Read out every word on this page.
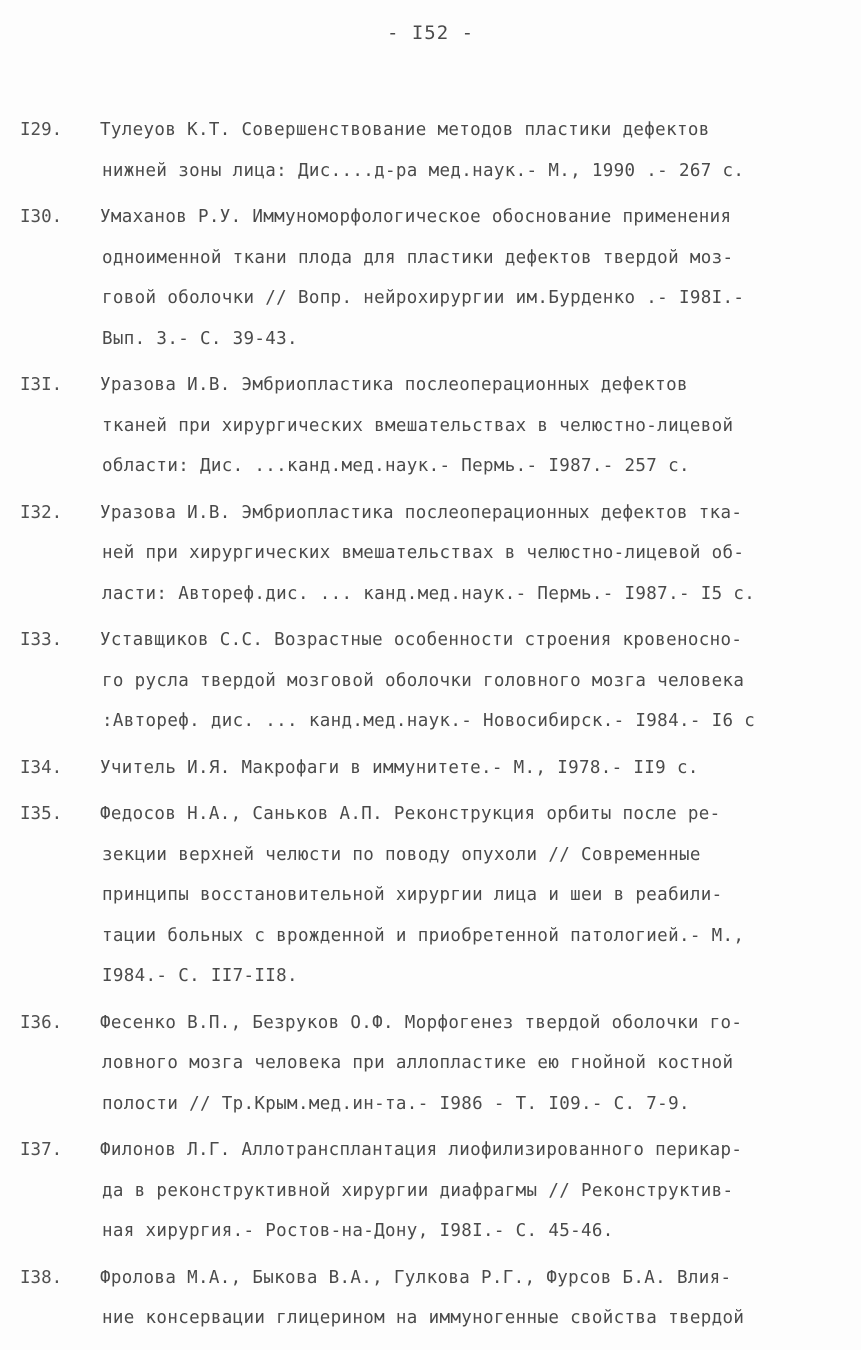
- I52 -
I29.	Тулеуов К.Т. Совершенствование методов пластики дефектов
нижней зоны лица: Дис....д-ра мед.наук.- М., 1990 .- 267 с.
I30.	Умаханов Р.У. Иммуноморфологическое обоснование применения
одноименной ткани плода для пластики дефектов твердой моз-
говой оболочки // Вопр. нейрохирургии им.Бурденко .- I98I.-
Вып. 3.- С. 39-43.
I3I.	Уразова И.В. Эмбриопластика послеоперационных дефектов
тканей при хирургических вмешательствах в челюстно-лицевой
области: Дис. ...канд.мед.наук.- Пермь.- I987.- 257 с.
I32.	Уразова И.В. Эмбриопластика послеоперационных дефектов тка-
ней при хирургических вмешательствах в челюстно-лицевой об-
ласти: Автореф.дис. ... канд.мед.наук.- Пермь.- I987.- I5 с.
I33.	Уставщиков С.С. Возрастные особенности строения кровеносно-
го русла твердой мозговой оболочки головного мозга человека
:Автореф. дис. ... канд.мед.наук.- Новосибирск.- I984.- I6 с
I34.	Учитель И.Я. Макрофаги в иммунитете.- М., I978.- II9 с.
I35.	Федосов Н.А., Саньков А.П. Реконструкция орбиты после ре-
зекции верхней челюсти по поводу опухоли // Современные
принципы восстановительной хирургии лица и шеи в реабили-
тации больных с врожденной и приобретенной патологией.- М.,
I984.- С. II7-II8.
I36.	Фесенко В.П., Безруков О.Ф. Морфогенез твердой оболочки го-
ловного мозга человека при аллопластике ею гнойной костной
полости // Тр.Крым.мед.ин-та.- I986 - Т. I09.- С. 7-9.
I37.	Филонов Л.Г. Аллотрансплантация лиофилизированного перикар-
да в реконструктивной хирургии диафрагмы // Реконструктив-
ная хирургия.- Ростов-на-Дону, I98I.- С. 45-46.
I38.	Фролова М.А., Быкова В.А., Гулкова Р.Г., Фурсов Б.А. Влия-
ние консервации глицерином на иммуногенные свойства твердой
